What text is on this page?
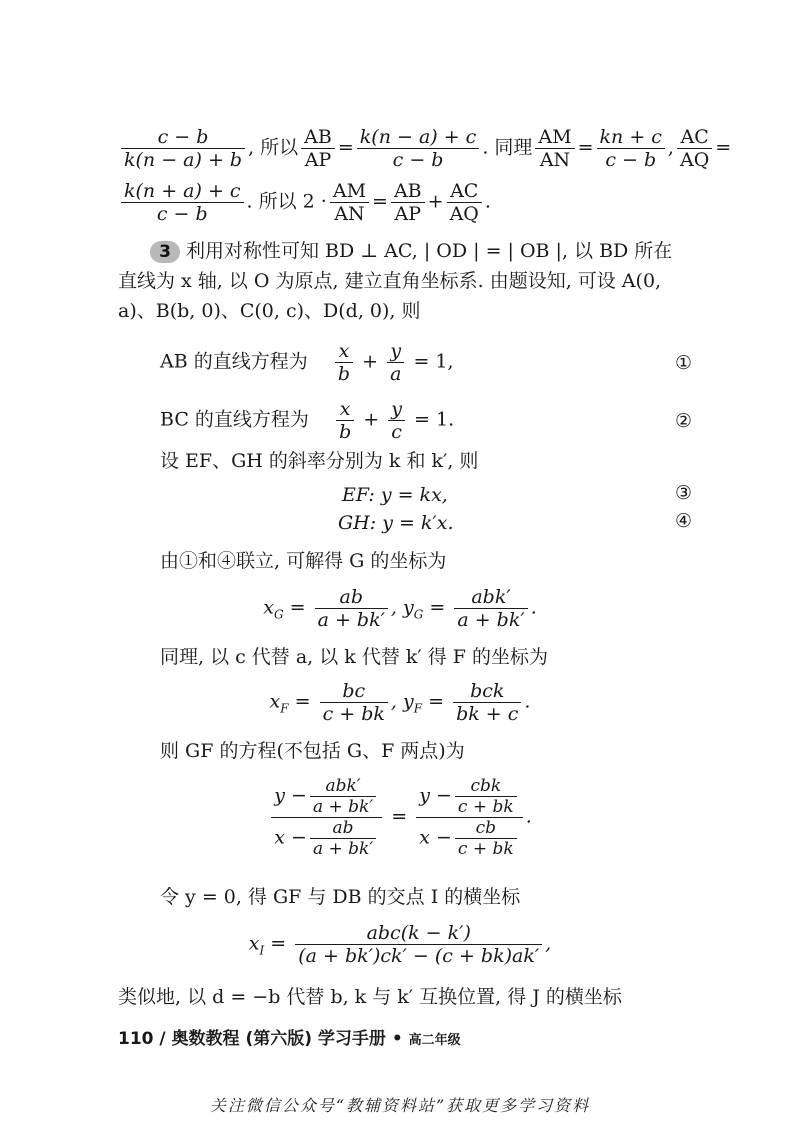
$\frac{c - b}{k(n - a) + b}$ , 所以 $\frac{AB}{AP} = \frac{k(n - a) + c}{c - b}$ . 同理 $\frac{AM}{AN} = \frac{kn + c}{c - b}$ , $\frac{AC}{AQ}$ =
$\frac{k(n + a) + c}{c - b}$ . 所以 $2 \cdot \frac{AM}{AN} = \frac{AB}{AP} + \frac{AC}{AQ}$ .
3 利用对称性可知 BD ⊥ AC, | OD | = | OB |, 以 BD 所在
直线为 x 轴, 以 O 为原点, 建立直角坐标系. 由题设知, 可设 A(0,
a)、B(b, 0)、C(0, c)、D(d, 0), 则
AB 的直线方程为 $\frac{x}{b} + \frac{y}{a} = 1$,	①
BC 的直线方程为 $\frac{x}{b} + \frac{y}{c} = 1$.	②
设 EF、GH 的斜率分别为 k 和 k′, 则
EF: y = kx,	③
GH: y = k′x.	④
由①和④联立, 可解得 G 的坐标为
$x_G = \frac{ab}{a + bk'}$ , $y_G = \frac{\text{abk′}}{a + bk'}$ .
同理, 以 c 代替 a, 以 k 代替 k′ 得 F 的坐标为
$x_F = \frac{bc}{c + bk}$ , $y_F = \frac{\text{bck}}{bk + c}$ .
则 GF 的方程(不包括 G、F 两点)为
$\frac{y - \frac{\text{abk′}}{a + bk'}}{x - \frac{ab}{a + bk'}} = \frac{y - \frac{\text{cbk}}{c + bk}}{x - \frac{cb}{c + bk}}$ .
令 y = 0, 得 GF 与 DB 的交点 I 的横坐标
$x_I = \frac{\text{abc(k − k′)}}{(a + bk')ck' - (c + bk)ak'}$ ,
类似地, 以 d = −b 代替 b, k 与 k′ 互换位置, 得 J 的横坐标
110 / 奥数教程 (第六版) 学习手册 • 高二年级
关注微信公众号“教辅资料站”获取更多学习资料
